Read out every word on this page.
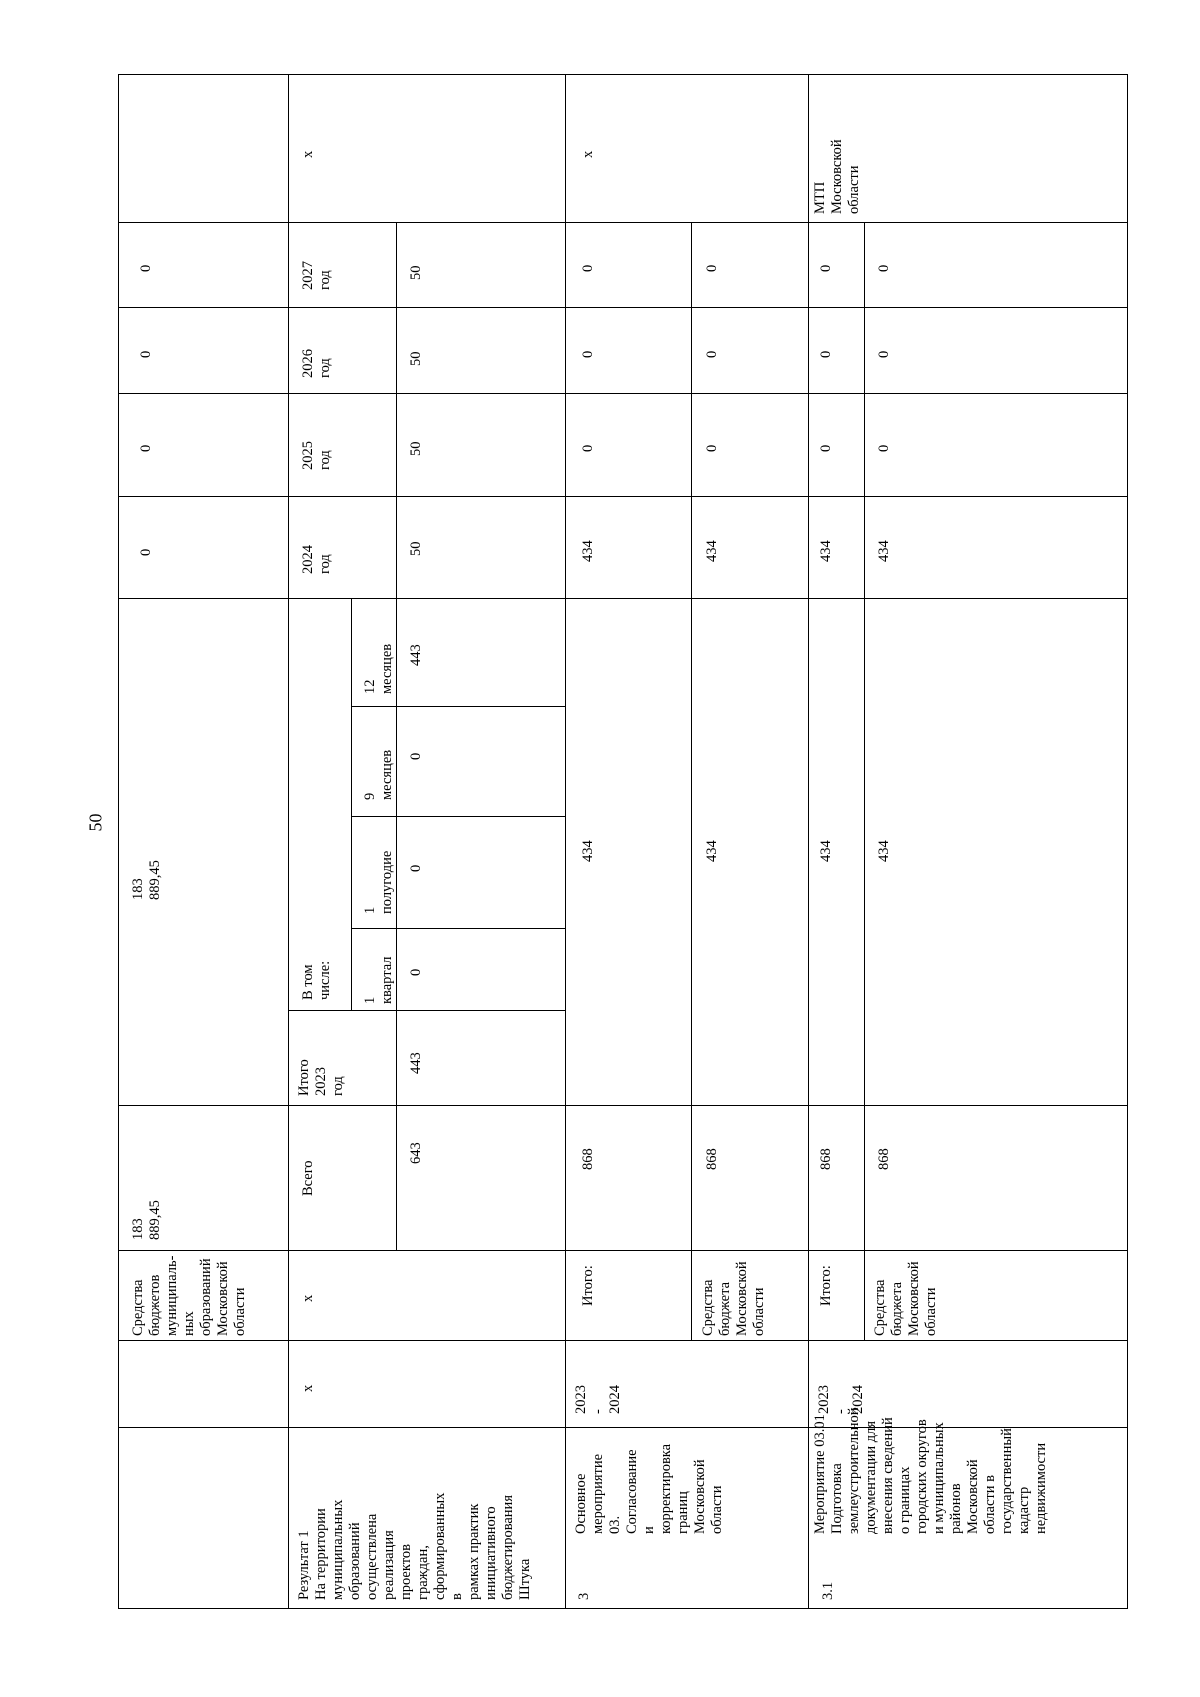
50
Средства
бюджетов
муниципаль-
ных
образований
Московской
области
183 889,45
183 889,45
0
0
0
0
Результат 1
На территории
муниципальных
образований
осуществлена
реализация
проектов граждан,
сформированных в
рамках практик
инициативного
бюджетирования
Штука
х
х
Всего
Итого
2023
год
В том числе:
1 квартал
1 полугодие
9 месяцев
12 месяцев
2024 год
2025 год
2026 год
2027 год
643
443
0
0
0
443
50
50
50
50
х
3
Основное
мероприятие 03.
Согласование и
корректировка
границ Московской
области
2023 -
2024
Итого:
868
434
434
0
0
0
х
Средства
бюджета
Московской
области
868
434
434
0
0
0
3.1
Мероприятие 03.01
Подготовка
землеустроительной
документации для
внесения сведений
о границах
городских округов
и муниципальных
районов
Московской
области в
государственный
кадастр
недвижимости
2023 -
2024
Итого:
868
434
434
0
0
0
МТП
Московской
области
Средства
бюджета
Московской
области
868
434
434
0
0
0
